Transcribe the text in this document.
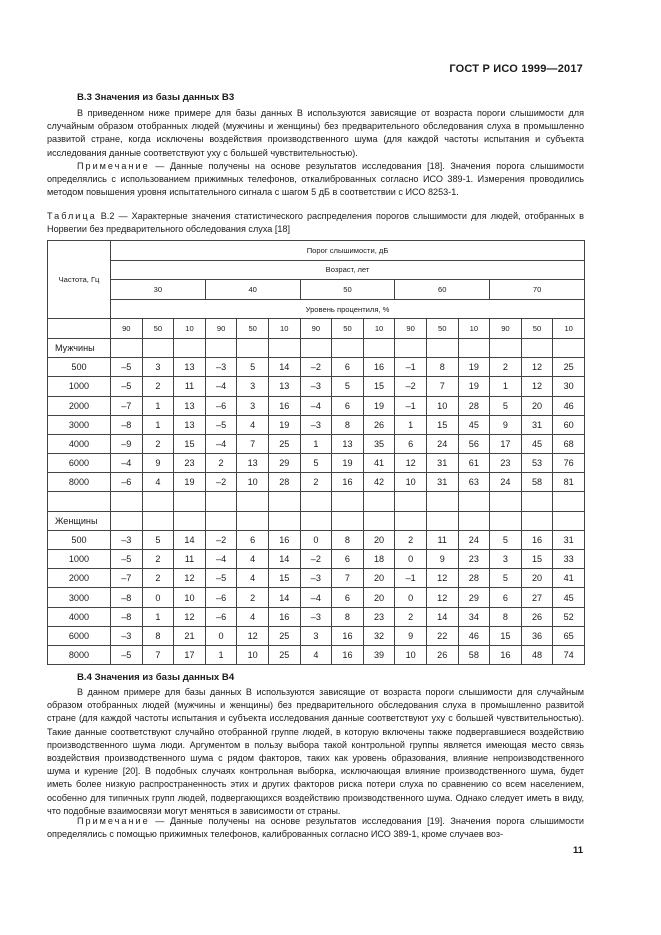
ГОСТ Р ИСО 1999—2017
B.3 Значения из базы данных B3

В приведенном ниже примере для базы данных B используются зависящие от возраста пороги слышимости для случайным образом отобранных людей (мужчины и женщины) без предварительного обследования слуха в промышленно развитой стране, когда исключены воздействия производственного шума (для каждой частоты испытания и субъекта исследования данные соответствуют уху с большей чувствительностью).

Примечание — Данные получены на основе результатов исследования [18]. Значения порога слышимости определялись с использованием прижимных телефонов, откалиброванных согласно ИСО 389-1. Измерения проводились методом повышения уровня испытательного сигнала с шагом 5 дБ в соответствии с ИСО 8253-1.

Таблица B.2 — Характерные значения статистического распределения порогов слышимости для людей, отобранных в Норвегии без предварительного обследования слуха [18]

Частота, Гц	Порог слышимости, дБ														
	Возраст, лет														
	30			40			50			60			70		
	Уровень процентиля, %														
	90	50	10	90	50	10	90	50	10	90	50	10	90	50	10
Мужчины															
500	–5	3	13	–3	5	14	–2	6	16	–1	8	19	2	12	25
1000	–5	2	11	–4	3	13	–3	5	15	–2	7	19	1	12	30
2000	–7	1	13	–6	3	16	–4	6	19	–1	10	28	5	20	46
3000	–8	1	13	–5	4	19	–3	8	26	1	15	45	9	31	60
4000	–9	2	15	–4	7	25	1	13	35	6	24	56	17	45	68
6000	–4	9	23	2	13	29	5	19	41	12	31	61	23	53	76
8000	–6	4	19	–2	10	28	2	16	42	10	31	63	24	58	81

Женщины															
500	–3	5	14	–2	6	16	0	8	20	2	11	24	5	16	31
1000	–5	2	11	–4	4	14	–2	6	18	0	9	23	3	15	33
2000	–7	2	12	–5	4	15	–3	7	20	–1	12	28	5	20	41
3000	–8	0	10	–6	2	14	–4	6	20	0	12	29	6	27	45
4000	–8	1	12	–6	4	16	–3	8	23	2	14	34	8	26	52
6000	–3	8	21	0	12	25	3	16	32	9	22	46	15	36	65
8000	–5	7	17	1	10	25	4	16	39	10	26	58	16	48	74
B.4 Значения из базы данных B4

В данном примере для базы данных B используются зависящие от возраста пороги слышимости для случайным образом отобранных людей (мужчины и женщины) без предварительного обследования слуха в промышленно развитой стране (для каждой частоты испытания и субъекта исследования данные соответствуют уху с большей чувствительностью). Такие данные соответствуют случайно отобранной группе людей, в которую включены также подвергавшиеся воздействию производственного шума люди. Аргументом в пользу выбора такой контрольной группы является имеющая место связь воздействия производственного шума с рядом факторов, таких как уровень образования, влияние непроизводственного шума и курение [20]. В подобных случаях контрольная выборка, исключающая влияние производственного шума, будет иметь более низкую распространенность этих и других факторов риска потери слуха по сравнению со всем населением, особенно для типичных групп людей, подвергающихся воздействию производственного шума. Однако следует иметь в виду, что подобные взаимосвязи могут меняться в зависимости от страны.

Примечание — Данные получены на основе результатов исследования [19]. Значения порога слышимости определялись с помощью прижимных телефонов, калиброванных согласно ИСО 389-1, кроме случаев воз-

11
